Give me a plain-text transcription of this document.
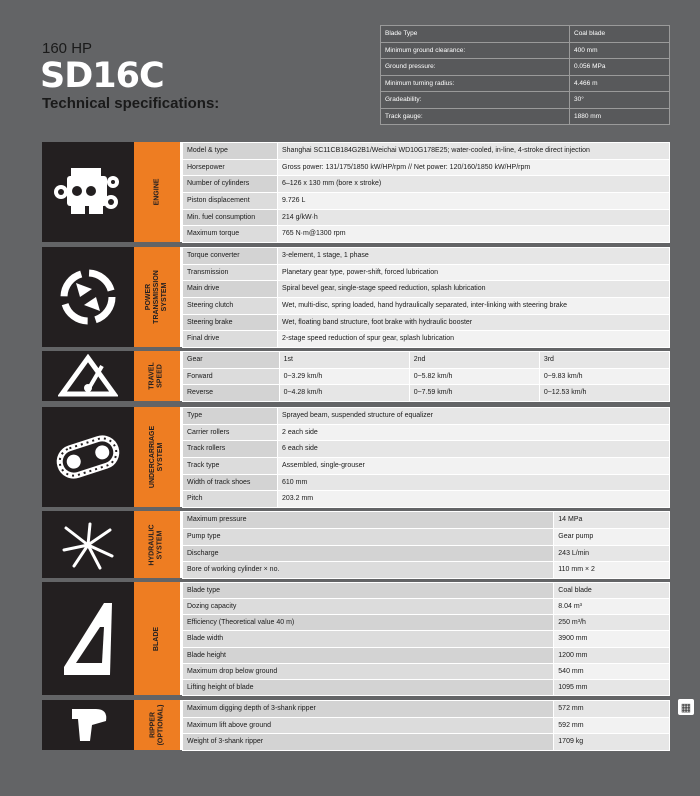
160 HP
SD16C
Technical specifications:
Blade Type	Coal blade
Minimum ground clearance:	400 mm
Ground pressure:	0.056 MPa
Minimum turning radius:	4.466 m
Gradeability:	30°
Track gauge:	1880 mm
ENGINE
Model & type	Shanghai SC11CB184G2B1/Weichai WD10G178E25; water-cooled, in-line, 4-stroke direct injection
Horsepower	Gross power: 131/175/1850 kW/HP/rpm // Net power: 120/160/1850 kW/HP/rpm
Number of cylinders	6–126 x 130 mm (bore x stroke)
Piston displacement	9.726 L
Min. fuel consumption	214 g/kW·h
Maximum torque	765 N·m@1300 rpm
POWER
TRANSMISSION
SYSTEM
Torque converter	3-element, 1 stage, 1 phase
Transmission	Planetary gear type, power-shift, forced lubrication
Main drive	Spiral bevel gear, single-stage speed reduction, splash lubrication
Steering clutch	Wet, multi-disc, spring loaded, hand hydraulically separated, inter-linking with steering brake
Steering brake	Wet, floating band structure, foot brake with hydraulic booster
Final drive	2-stage speed reduction of spur gear, splash lubrication
TRAVEL
SPEED
Gear	1st	2nd	3rd
Forward	0~3.29 km/h	0~5.82 km/h	0~9.83 km/h
Reverse	0~4.28 km/h	0~7.59 km/h	0~12.53 km/h
UNDERCARRIAGE
SYSTEM
Type	Sprayed beam, suspended structure of equalizer
Carrier rollers	2 each side
Track rollers	6 each side
Track type	Assembled, single-grouser
Width of track shoes	610 mm
Pitch	203.2 mm
HYDRAULIC
SYSTEM
Maximum pressure	14 MPa
Pump type	Gear pump
Discharge	243 L/min
Bore of working cylinder × no.	110 mm × 2
BLADE
Blade type	Coal blade
Dozing capacity	8.04 m³
Efficiency (Theoretical value 40 m)	250 m³/h
Blade width	3900 mm
Blade height	1200 mm
Maximum drop below ground	540 mm
Lifting height of blade	1095 mm
RIPPER
(OPTIONAL)	Maximum digging depth of 3-shank ripper	572 mm
Maximum lift above ground	592 mm
Weight of 3-shank ripper	1709 kg
▦
